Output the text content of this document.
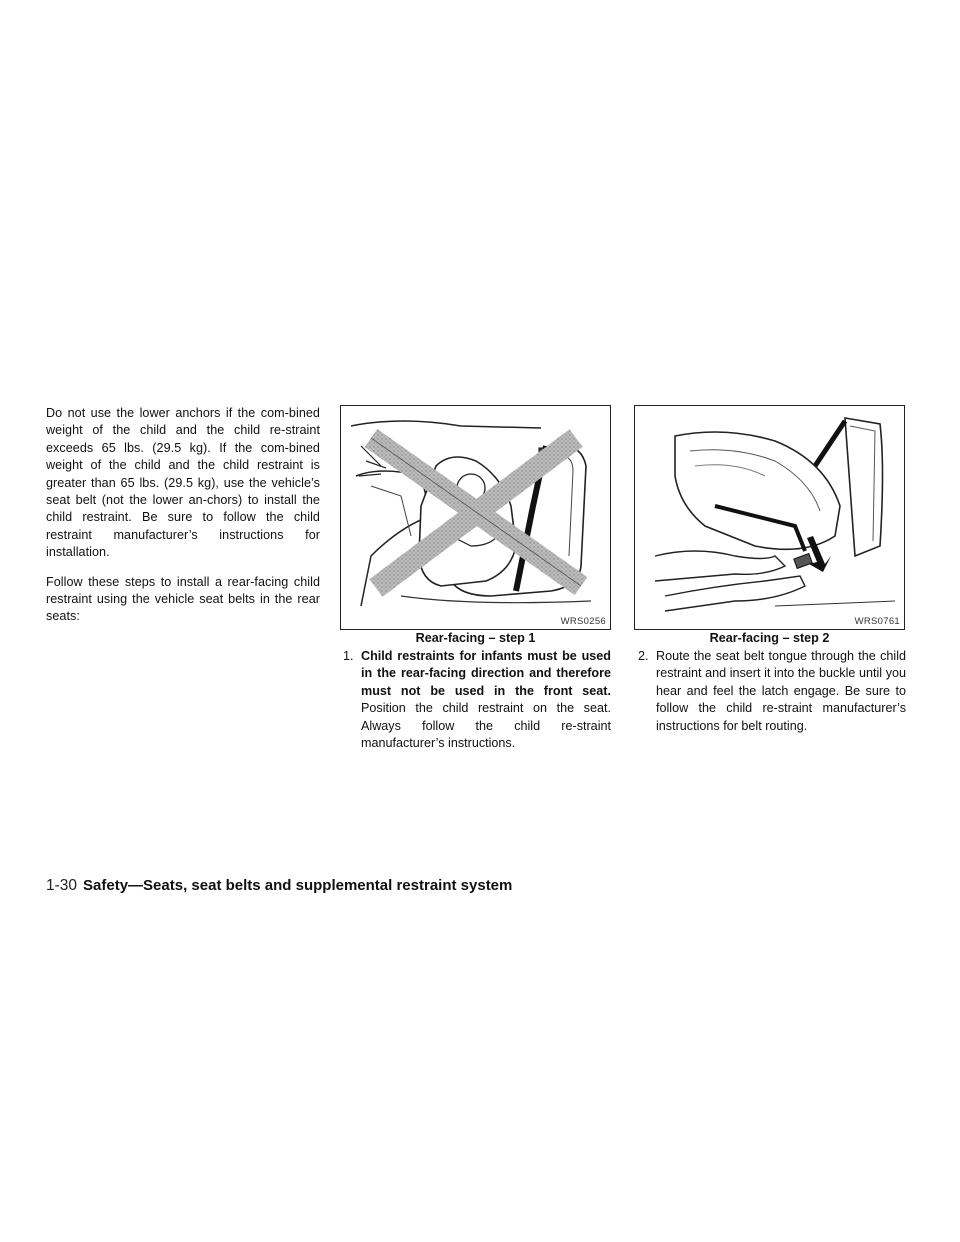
Do not use the lower anchors if the com-bined weight of the child and the child re-straint exceeds 65 lbs. (29.5 kg). If the com-bined weight of the child and the child restraint is greater than 65 lbs. (29.5 kg), use the vehicle’s seat belt (not the lower an-chors) to install the child restraint. Be sure to follow the child restraint manufacturer’s instructions for installation.

Follow these steps to install a rear-facing child restraint using the vehicle seat belts in the rear seats:	WRS0256
Rear-facing – step 1
WRS0761
Rear-facing – step 2
1. Child restraints for infants must be used in the rear-facing direction and therefore must not be used in the front seat. Position the child restraint on the seat. Always follow the child re-straint manufacturer’s instructions.
2. Route the seat belt tongue through the child restraint and insert it into the buckle until you hear and feel the latch engage. Be sure to follow the child re-straint manufacturer’s instructions for belt routing.
1-30 Safety—Seats, seat belts and supplemental restraint system
